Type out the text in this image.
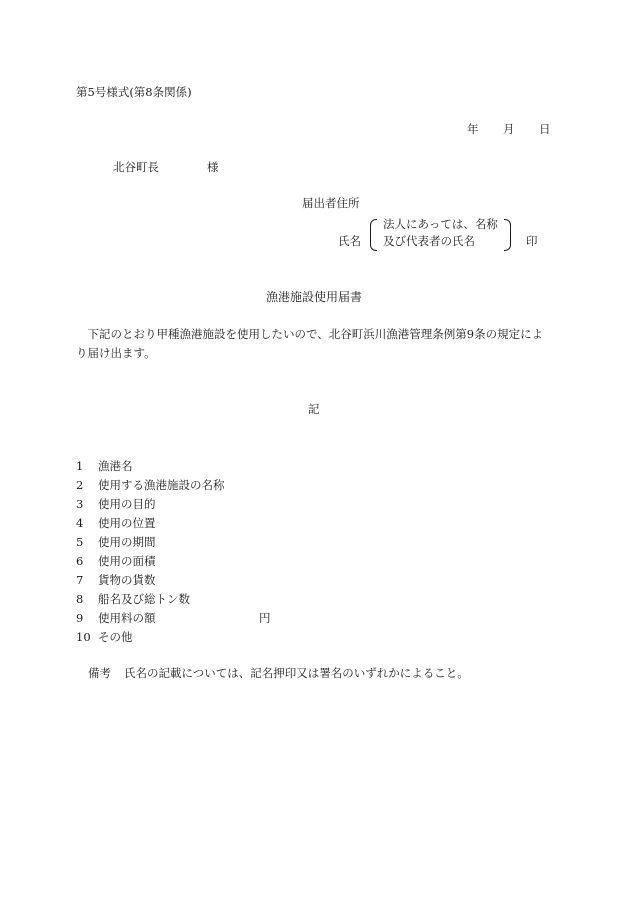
第5号様式(第8条関係)
年 月 日
北谷町長	様
届出者住所
氏名
法人にあっては、名称
及び代表者の氏名	印
漁港施設使用届書
下記のとおり甲種漁港施設を使用したいので、北谷町浜川漁港管理条例第9条の規定により届け出ます。
記
1 漁港名
2 使用する漁港施設の名称
3 使用の目的
4 使用の位置
5 使用の期間
6 使用の面積
7 貨物の貨数
8 船名及び総トン数
9 使用料の額	円
10 その他
備考 氏名の記載については、記名押印又は署名のいずれかによること。
